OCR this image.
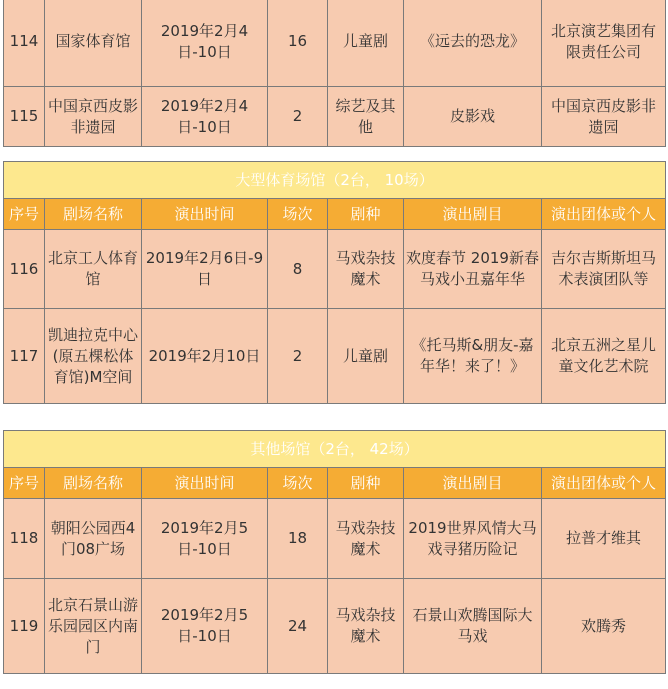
114	国家体育馆	2019年2月4日-10日	16	儿童剧	《远去的恐龙》	北京演艺集团有限责任公司
115	中国京西皮影非遗园	2019年2月4日-10日	2	综艺及其他	皮影戏	中国京西皮影非遗园
大型体育场馆（2台， 10场）						
序号	剧场名称	演出时间	场次	剧种	演出剧目	演出团体或个人
116	北京工人体育馆	2019年2月6日-9日	8	马戏杂技魔术	欢度春节 2019新春马戏小丑嘉年华	吉尔吉斯斯坦马术表演团队等
117	凯迪拉克中心(原五棵松体育馆)M空间	2019年2月10日	2	儿童剧	《托马斯&朋友-嘉年华！来了！》	北京五洲之星儿童文化艺术院
其他场馆（2台， 42场）						
序号	剧场名称	演出时间	场次	剧种	演出剧目	演出团体或个人
118	朝阳公园西4门08广场	2019年2月5日-10日	18	马戏杂技魔术	2019世界风情大马戏寻猪历险记	拉普才维其
119	北京石景山游乐园园区内南门	2019年2月5日-10日	24	马戏杂技魔术	石景山欢腾国际大马戏	欢腾秀
